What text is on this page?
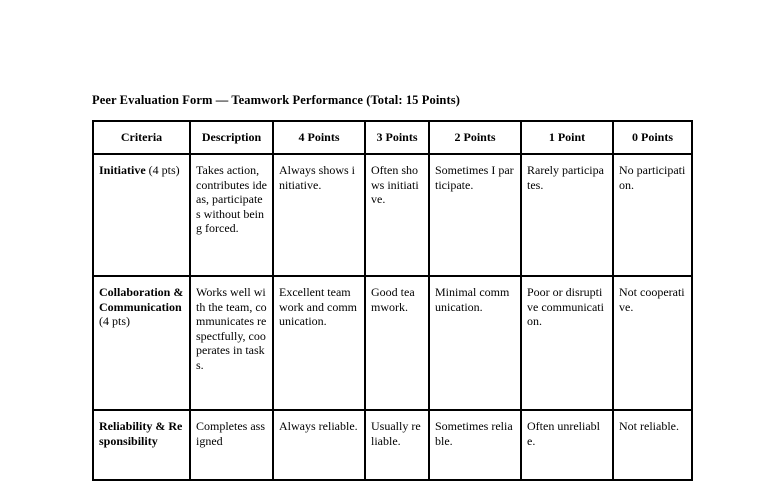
Peer Evaluation Form — Teamwork Performance (Total: 15 Points)
Criteria	Description	4 Points	3 Points	2 Points	1 Point	0 Points
Initiative (4 pts)	Takes action, contributes ideas, participates without being forced.	Always shows initiative.	Often shows initiative.	Sometimes I participate.	Rarely participates.	No participation.
Collaboration & Communication (4 pts)	Works well with the team, communicates respectfully, cooperates in tasks.	Excellent teamwork and communication.	Good teamwork.	Minimal communication.	Poor or disruptive communication.	Not cooperative.
Reliability & Responsibility	Completes assigned	Always reliable.	Usually reliable.	Sometimes reliable.	Often unreliable.	Not reliable.
